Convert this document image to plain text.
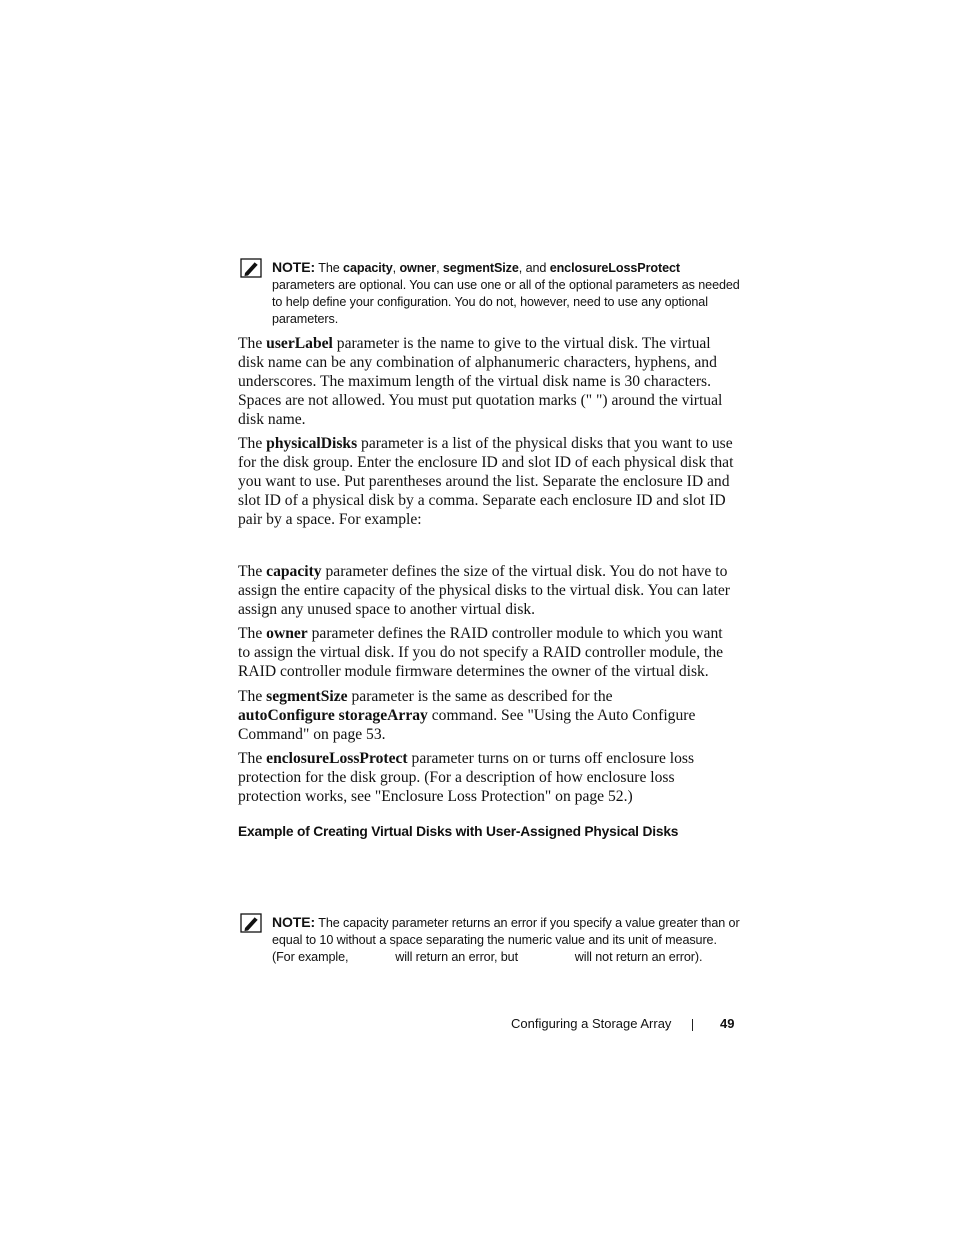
NOTE: The capacity, owner, segmentSize, and enclosureLossProtect parameters are optional. You can use one or all of the optional parameters as needed to help define your configuration. You do not, however, need to use any optional parameters.

The userLabel parameter is the name to give to the virtual disk. The virtual disk name can be any combination of alphanumeric characters, hyphens, and underscores. The maximum length of the virtual disk name is 30 characters. Spaces are not allowed. You must put quotation marks (" ") around the virtual disk name.

The physicalDisks parameter is a list of the physical disks that you want to use for the disk group. Enter the enclosure ID and slot ID of each physical disk that you want to use. Put parentheses around the list. Separate the enclosure ID and slot ID of a physical disk by a comma. Separate each enclosure ID and slot ID pair by a space. For example:

The capacity parameter defines the size of the virtual disk. You do not have to assign the entire capacity of the physical disks to the virtual disk. You can later assign any unused space to another virtual disk.

The owner parameter defines the RAID controller module to which you want to assign the virtual disk. If you do not specify a RAID controller module, the RAID controller module firmware determines the owner of the virtual disk.

The segmentSize parameter is the same as described for the autoConfigure storageArray command. See "Using the Auto Configure Command" on page 53.

The enclosureLossProtect parameter turns on or turns off enclosure loss protection for the disk group. (For a description of how enclosure loss protection works, see "Enclosure Loss Protection" on page 52.)

Example of Creating Virtual Disks with User-Assigned Physical Disks
NOTE: The capacity parameter returns an error if you specify a value greater than or equal to 10 without a space separating the numeric value and its unit of measure. (For example,	will return an error, but	will not return an error).
Configuring a Storage Array	49
